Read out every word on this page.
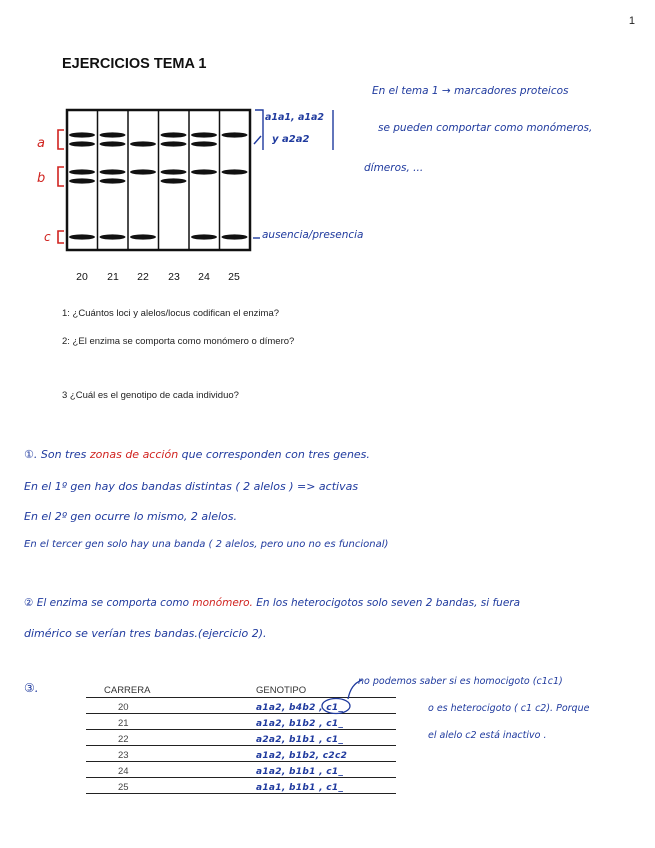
1
EJERCICIOS TEMA 1
a
b
c
a1a1, a1a2
y a2a2
ausencia/presencia
20	21	22	23	24	25
En el tema 1 → marcadores proteicos
se pueden comportar como monómeros,
dímeros, ...
1: ¿Cuántos loci y alelos/locus codifican el enzima?
2: ¿El enzima se comporta como monómero o dímero?
3 ¿Cuál es el genotipo de cada individuo?
①. Son tres zonas de acción que corresponden con tres genes.
En el 1º gen hay dos bandas distintas ( 2 alelos ) => activas
En el 2º gen ocurre lo mismo, 2 alelos.
En el tercer gen solo hay una banda ( 2 alelos, pero uno no es funcional)
② El enzima se comporta como monómero. En los heterocigotos solo seven 2 bandas, si fuera
dimérico se verían tres bandas.(ejercicio 2).
③.	CARRERA	GENOTIPO
20	a1a2, b4b2 , c1_
21	a1a2, b1b2 , c1_
22	a2a2, b1b1 , c1_
23	a1a2, b1b2, c2c2
24	a1a2, b1b1 , c1_
25	a1a1, b1b1 , c1_
no podemos saber si es homocigoto (c1c1)
o es heterocigoto ( c1 c2). Porque
el alelo c2 está inactivo .
